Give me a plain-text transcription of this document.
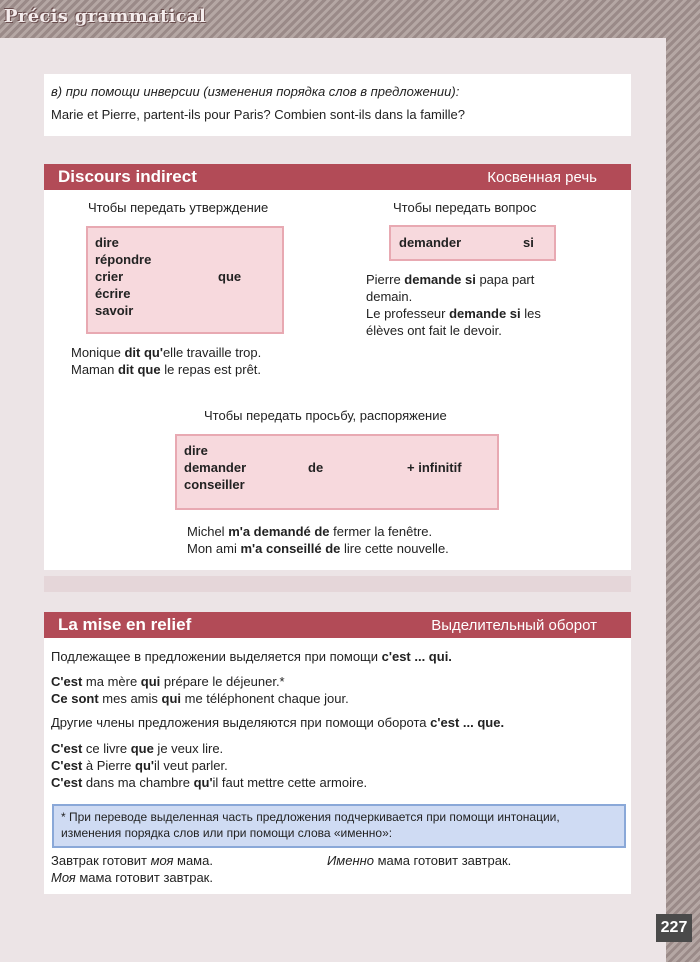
Précis grammatical
в) при помощи инверсии (изменения порядка слов в предложении):
Marie et Pierre, partent-ils pour Paris? Combien sont-ils dans la famille?
Discours indirect	Косвенная речь
Чтобы передать утверждение
dire
répondre
crier
écrire
savoir
que
Monique dit qu'elle travaille trop.
Maman dit que le repas est prêt.
Чтобы передать вопрос
demander	si
Pierre demande si papa part
demain.
Le professeur demande si les
élèves ont fait le devoir.
Чтобы передать просьбу, распоряжение
dire
demander
conseiller
de	+ infinitif
Michel m'a demandé de fermer la fenêtre.
Mon ami m'a conseillé de lire cette nouvelle.
La mise en relief	Выделительный оборот
Подлежащее в предложении выделяется при помощи c'est ... qui.
C'est ma mère qui prépare le déjeuner.*
Ce sont mes amis qui me téléphonent chaque jour.
Другие члены предложения выделяются при помощи оборота c'est ... que.
C'est ce livre que je veux lire.
C'est à Pierre qu'il veut parler.
C'est dans ma chambre qu'il faut mettre cette armoire.
* При переводе выделенная часть предложения подчеркивается при помощи интонации,
изменения порядка слов или при помощи слова «именно»:
Завтрак готовит моя мама.
Моя мама готовит завтрак.
Именно мама готовит завтрак.
227
